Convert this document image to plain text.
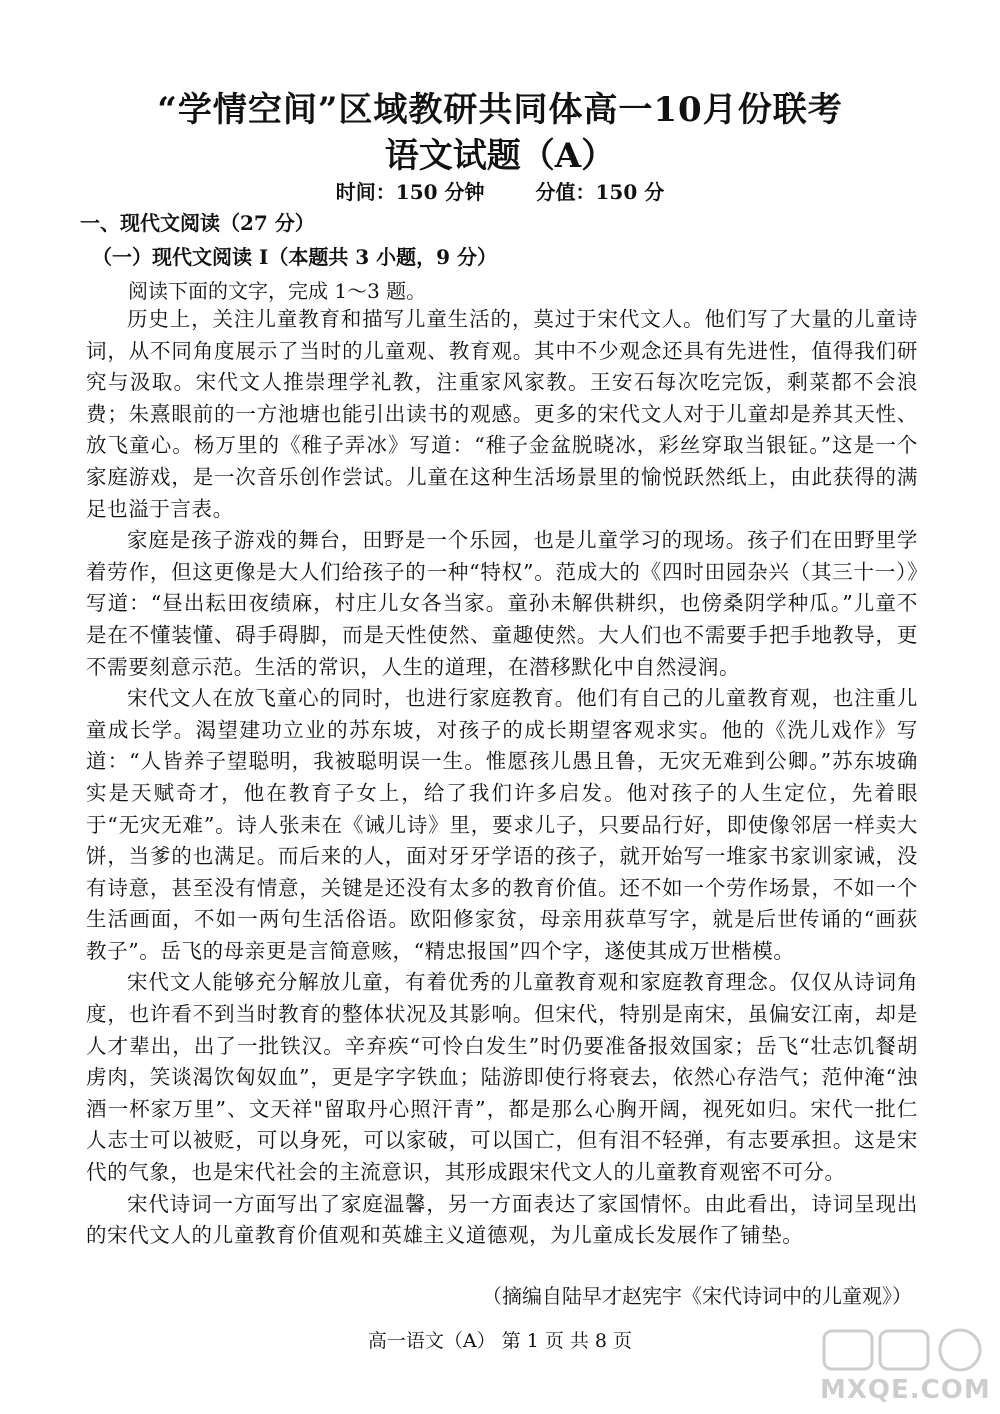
“学情空间”区域教研共同体高一10月份联考
语文试题（A）
时间：150 分钟	分值：150 分
一、现代文阅读（27 分）
（一）现代文阅读 I（本题共 3 小题，9 分）
阅读下面的文字，完成 1～3 题。

历史上，关注儿童教育和描写儿童生活的，莫过于宋代文人。他们写了大量的儿童诗词，从不同角度展示了当时的儿童观、教育观。其中不少观念还具有先进性，值得我们研究与汲取。宋代文人推崇理学礼教，注重家风家教。王安石每次吃完饭，剩菜都不会浪费；朱熹眼前的一方池塘也能引出读书的观感。更多的宋代文人对于儿童却是养其天性、放飞童心。杨万里的《稚子弄冰》写道：“稚子金盆脱晓冰，彩丝穿取当银钲。”这是一个家庭游戏，是一次音乐创作尝试。儿童在这种生活场景里的愉悦跃然纸上，由此获得的满足也溢于言表。

家庭是孩子游戏的舞台，田野是一个乐园，也是儿童学习的现场。孩子们在田野里学着劳作，但这更像是大人们给孩子的一种“特权”。范成大的《四时田园杂兴（其三十一）》写道：“昼出耘田夜绩麻，村庄儿女各当家。童孙未解供耕织，也傍桑阴学种瓜。”儿童不是在不懂装懂、碍手碍脚，而是天性使然、童趣使然。大人们也不需要手把手地教导，更不需要刻意示范。生活的常识，人生的道理，在潜移默化中自然浸润。

宋代文人在放飞童心的同时，也进行家庭教育。他们有自己的儿童教育观，也注重儿童成长学。渴望建功立业的苏东坡，对孩子的成长期望客观求实。他的《洗儿戏作》写道：“人皆养子望聪明，我被聪明误一生。惟愿孩儿愚且鲁，无灾无难到公卿。”苏东坡确实是天赋奇才，他在教育子女上，给了我们许多启发。他对孩子的人生定位，先着眼于“无灾无难”。诗人张耒在《诫儿诗》里，要求儿子，只要品行好，即使像邻居一样卖大饼，当爹的也满足。而后来的人，面对牙牙学语的孩子，就开始写一堆家书家训家诫，没有诗意，甚至没有情意，关键是还没有太多的教育价值。还不如一个劳作场景，不如一个生活画面，不如一两句生活俗语。欧阳修家贫，母亲用荻草写字，就是后世传诵的“画荻教子”。岳飞的母亲更是言简意赅，“精忠报国”四个字，遂使其成万世楷模。

宋代文人能够充分解放儿童，有着优秀的儿童教育观和家庭教育理念。仅仅从诗词角度，也许看不到当时教育的整体状况及其影响。但宋代，特别是南宋，虽偏安江南，却是人才辈出，出了一批铁汉。辛弃疾“可怜白发生”时仍要准备报效国家；岳飞“壮志饥餐胡虏肉，笑谈渴饮匈奴血”，更是字字铁血；陆游即使行将衰去，依然心存浩气；范仲淹“浊酒一杯家万里”、文天祥"留取丹心照汗青”，都是那么心胸开阔，视死如归。宋代一批仁人志士可以被贬，可以身死，可以家破，可以国亡，但有泪不轻弹，有志要承担。这是宋代的气象，也是宋代社会的主流意识，其形成跟宋代文人的儿童教育观密不可分。

宋代诗词一方面写出了家庭温馨，另一方面表达了家国情怀。由此看出，诗词呈现出的宋代文人的儿童教育价值观和英雄主义道德观，为儿童成长发展作了铺垫。

（摘编自陆早才赵宪宇《宋代诗词中的儿童观》）
高一语文（A） 第 1 页 共 8 页
MXQE.COM
